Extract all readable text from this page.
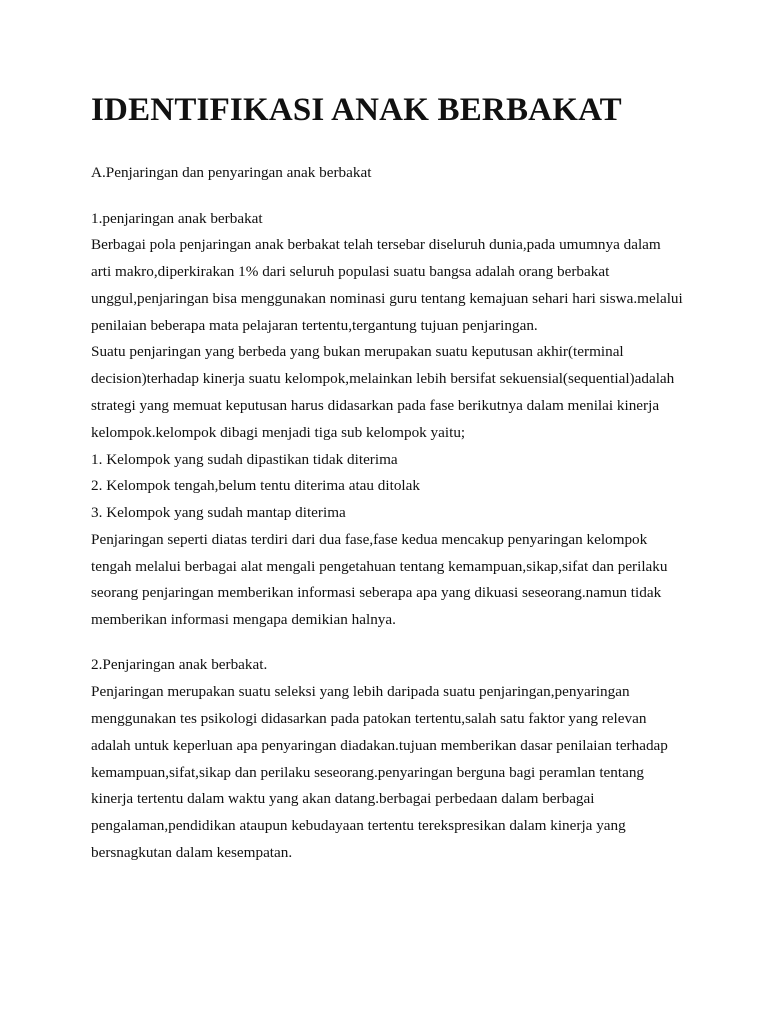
IDENTIFIKASI ANAK BERBAKAT

A.Penjaringan dan penyaringan anak berbakat

1.penjaringan anak berbakat

Berbagai pola penjaringan anak berbakat telah tersebar diseluruh dunia,pada umumnya dalam

arti makro,diperkirakan 1% dari seluruh populasi suatu bangsa adalah orang berbakat

unggul,penjaringan bisa menggunakan nominasi guru tentang kemajuan sehari hari siswa.melalui

penilaian beberapa mata pelajaran tertentu,tergantung tujuan penjaringan.

Suatu penjaringan yang berbeda yang bukan merupakan suatu keputusan akhir(terminal

decision)terhadap kinerja suatu kelompok,melainkan lebih bersifat sekuensial(sequential)adalah

strategi yang memuat keputusan harus didasarkan pada fase berikutnya dalam menilai kinerja

kelompok.kelompok dibagi menjadi tiga sub kelompok yaitu;

1. Kelompok yang sudah dipastikan tidak diterima

2. Kelompok tengah,belum tentu diterima atau ditolak

3. Kelompok yang sudah mantap diterima

Penjaringan seperti diatas terdiri dari dua fase,fase kedua mencakup penyaringan kelompok

tengah melalui berbagai alat mengali pengetahuan tentang kemampuan,sikap,sifat dan perilaku

seorang penjaringan memberikan informasi seberapa apa yang dikuasi seseorang.namun tidak

memberikan informasi mengapa demikian halnya.

2.Penjaringan anak berbakat.

Penjaringan merupakan suatu seleksi yang lebih daripada suatu penjaringan,penyaringan

menggunakan tes psikologi didasarkan pada patokan tertentu,salah satu faktor yang relevan

adalah untuk keperluan apa penyaringan diadakan.tujuan memberikan dasar penilaian terhadap

kemampuan,sifat,sikap dan perilaku seseorang.penyaringan berguna bagi peramlan tentang

kinerja tertentu dalam waktu yang akan datang.berbagai perbedaan dalam berbagai

pengalaman,pendidikan ataupun kebudayaan tertentu terekspresikan dalam kinerja yang

bersnagkutan dalam kesempatan.
